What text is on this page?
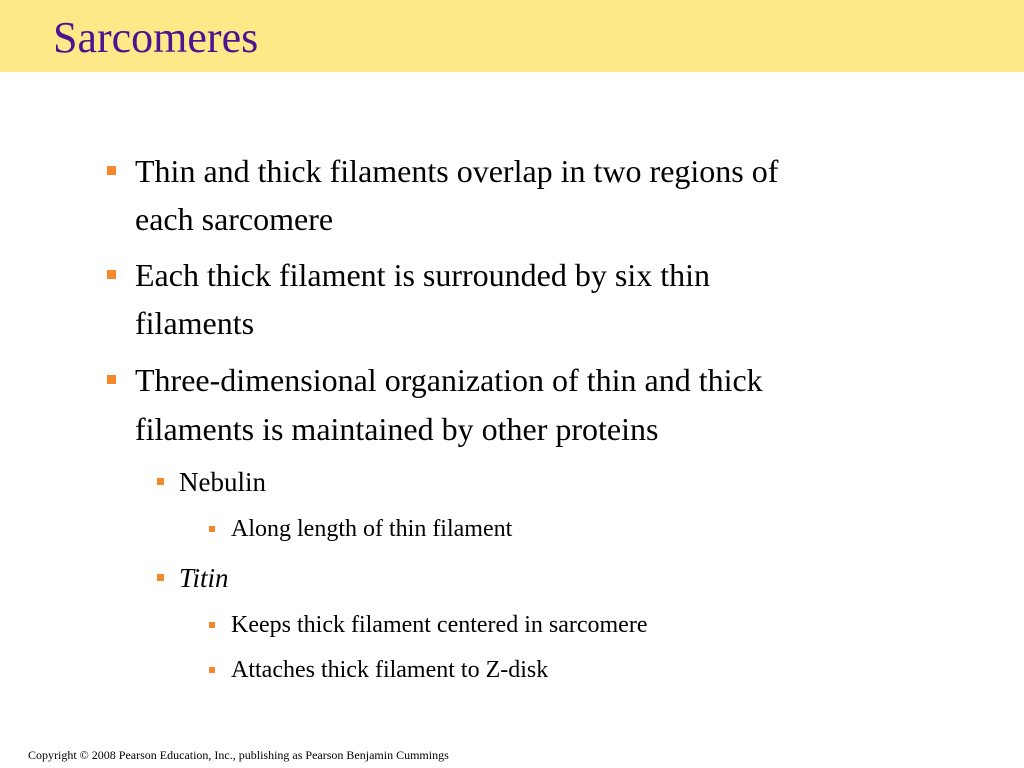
Sarcomeres
Thin and thick filaments overlap in two regions of
each sarcomere
Each thick filament is surrounded by six thin
filaments
Three-dimensional organization of thin and thick
filaments is maintained by other proteins
Nebulin
Along length of thin filament
Titin
Keeps thick filament centered in sarcomere
Attaches thick filament to Z-disk
Copyright © 2008 Pearson Education, Inc., publishing as Pearson Benjamin Cummings
